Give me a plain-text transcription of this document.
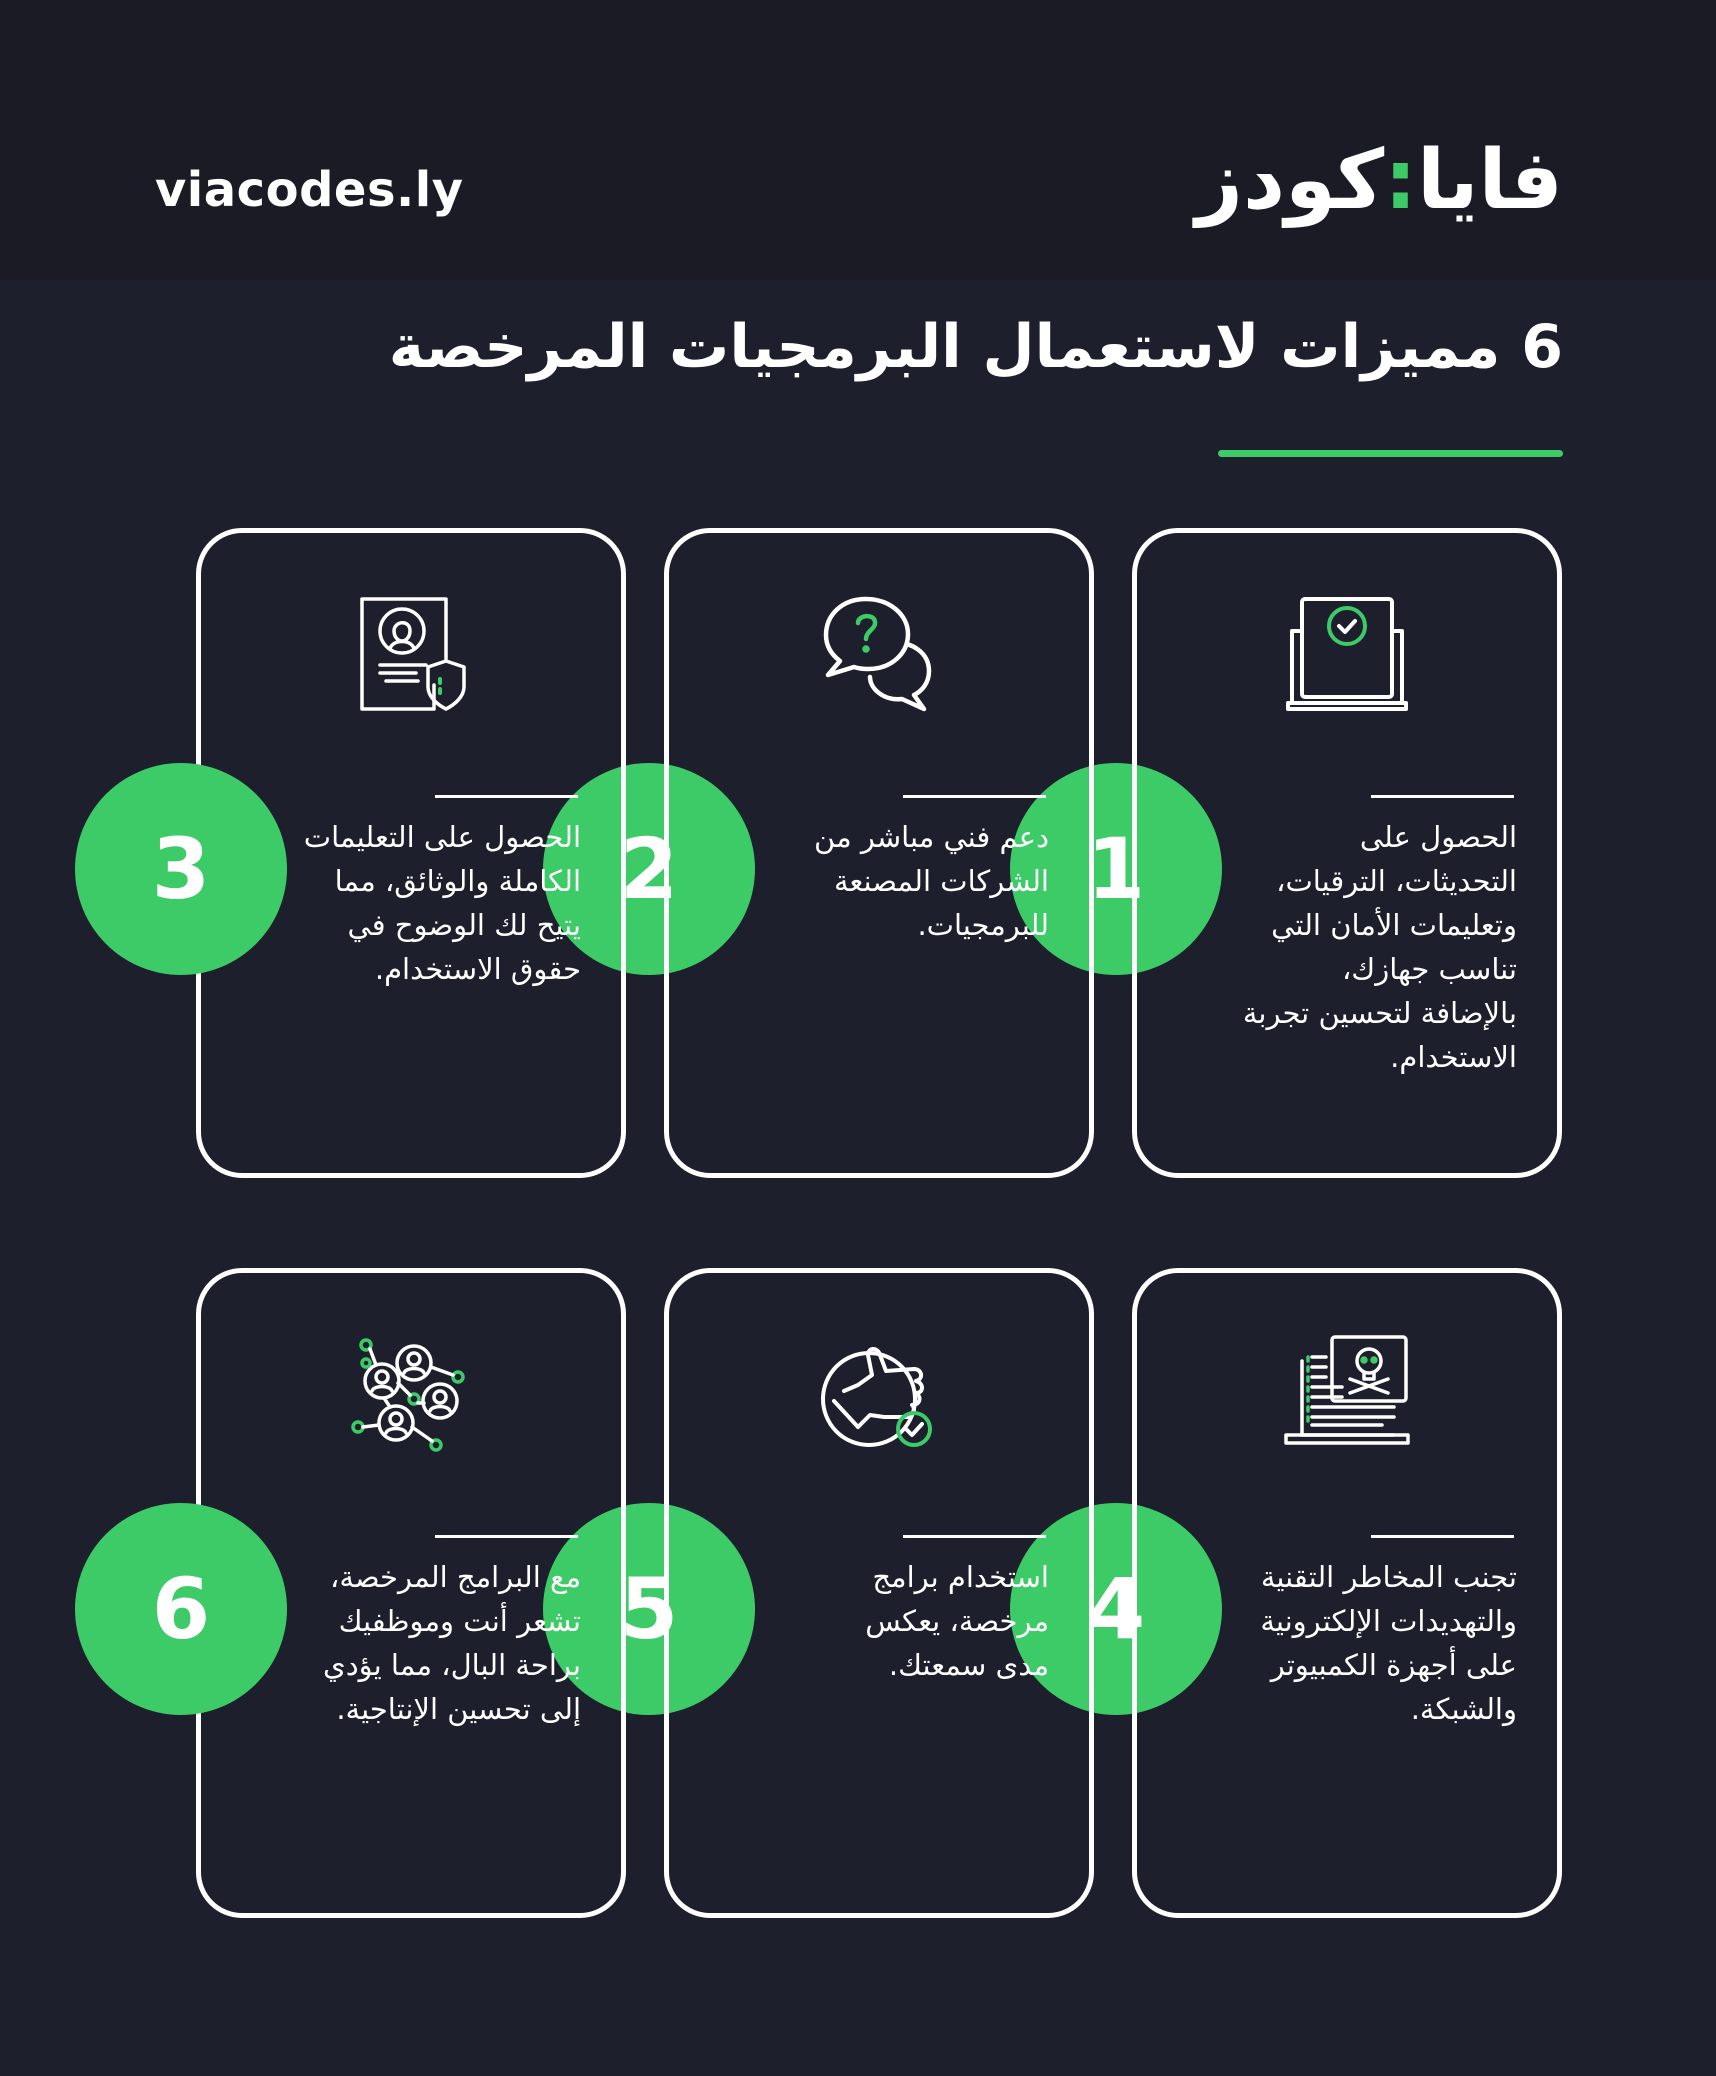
viacodes.ly	فايا:كودز
6 مميزات لاستعمال البرمجيات المرخصة
1
2
4
5
الحصول على التحديثات، الترقيات، وتعليمات الأمان التي تناسب جهازك، بالإضافة لتحسين تجربة الاستخدام.
دعم فني مباشر من الشركات المصنعة للبرمجيات.
الحصول على التعليمات الكاملة والوثائق، مما يتيح لك الوضوح في حقوق الاستخدام.
تجنب المخاطر التقنية والتهديدات الإلكترونية على أجهزة الكمبيوتر والشبكة.
استخدام برامج مرخصة، يعكس مدى سمعتك.
مع البرامج المرخصة، تشعر أنت وموظفيك براحة البال، مما يؤدي إلى تحسين الإنتاجية.
3
6
